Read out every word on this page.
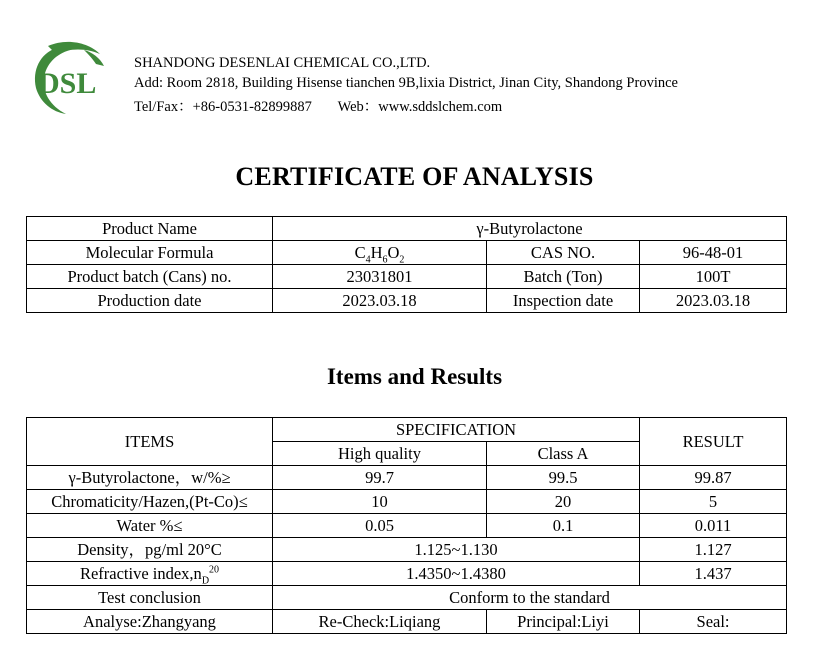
DSL
SHANDONG DESENLAI CHEMICAL CO.,LTD.
Add: Room 2818, Building Hisense tianchen 9B,lixia District, Jinan City, Shandong Province
Tel/Fax：+86-0531-82899887 Web：www.sddslchem.com
CERTIFICATE OF ANALYSIS
Product Name	γ-Butyrolactone		
Molecular Formula	$C_4H_6O_2$	CAS NO.	96-48-01
Product batch (Cans) no.	23031801	Batch (Ton)	100T
Production date	2023.03.18	Inspection date	2023.03.18
Items and Results
ITEMS	SPECIFICATION		RESULT
	High quality	Class A	
γ-Butyrolactone，w/%≥	99.7	99.5	99.87
Chromaticity/Hazen,(Pt-Co)≤	10	20	5
Water %≤	0.05	0.1	0.011
Density，pg/ml 20°C	1.125~1.130		1.127
Refractive $index,n_D^{20}$	1.4350~1.4380		1.437
Test conclusion	Conform to the standard		
Analyse:Zhangyang	Re-Check:Liqiang	Principal:Liyi	Seal:
